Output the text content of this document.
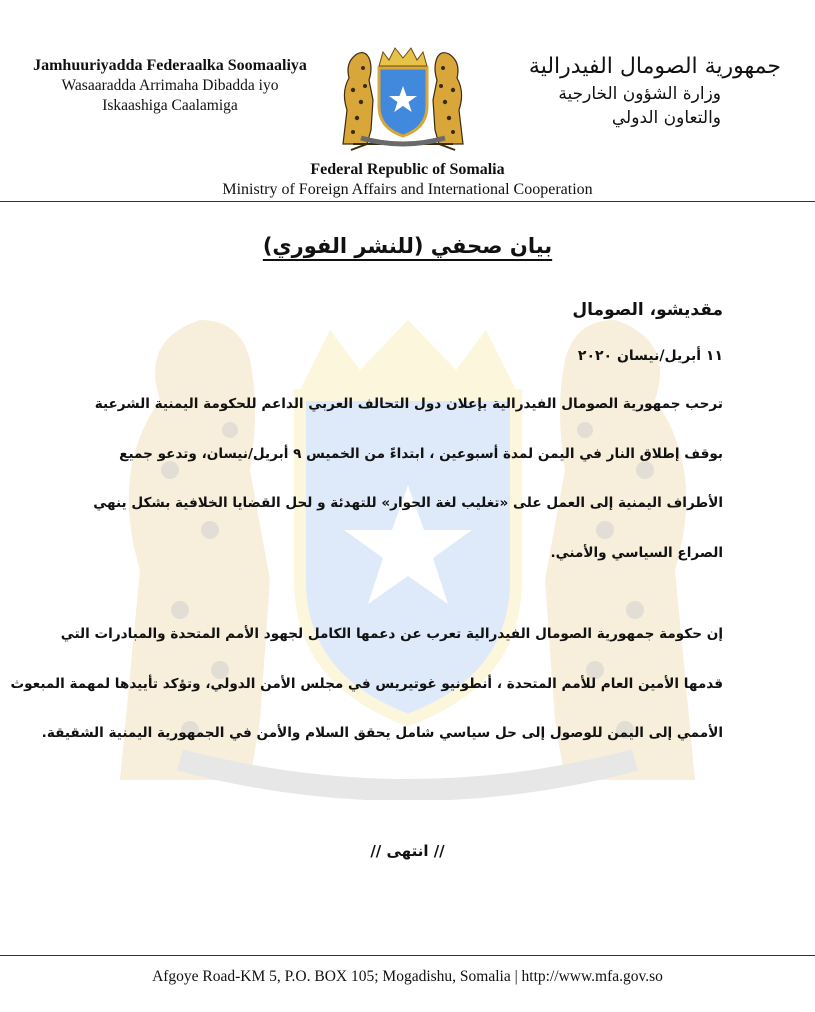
Jamhuuriyadda Federaalka Soomaaliya
Wasaaradda Arrimaha Dibadda iyo
Iskaashiga Caalamiga
جمهورية الصومال الفيدرالية
وزارة الشؤون الخارجية
والتعاون الدولي
Federal Republic of Somalia
Ministry of Foreign Affairs and International Cooperation
بيان صحفي (للنشر الفوري)
مقديشو، الصومال
١١ أبريل/نيسان ٢٠٢٠
ترحب جمهورية الصومال الفيدرالية بإعلان دول التحالف العربي الداعم للحكومة اليمنية الشرعية
بوقف إطلاق النار في اليمن لمدة أسبوعين ، ابتداءً من الخميس ٩ أبريل/نيسان، وتدعو جميع
الأطراف اليمنية إلى العمل على «تغليب لغة الحوار» للتهدئة و لحل القضايا الخلافية بشكل ينهي
الصراع السياسي والأمني.
إن حكومة جمهورية الصومال الفيدرالية تعرب عن دعمها الكامل لجهود الأمم المتحدة والمبادرات التي
قدمها الأمين العام للأمم المتحدة ، أنطونيو غوتيريس في مجلس الأمن الدولي، وتؤكد تأييدها لمهمة المبعوث
الأممي إلى اليمن للوصول إلى حل سياسي شامل يحقق السلام والأمن في الجمهورية اليمنية الشقيقة.
// انتهى //
Afgoye Road-KM 5, P.O. BOX 105; Mogadishu, Somalia | http://www.mfa.gov.so
